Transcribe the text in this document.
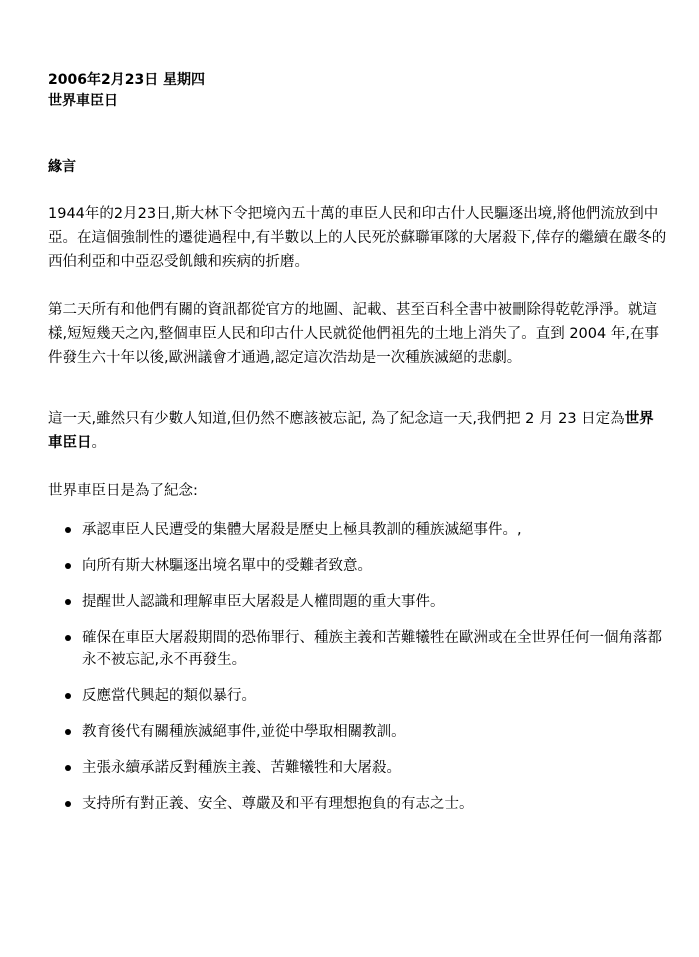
2006年2月23日 星期四
世界車臣日
緣言

1944年的2月23日,斯大林下令把境內五十萬的車臣人民和印古什人民驅逐出境,將他們流放到中亞。在這個強制性的遷徙過程中,有半數以上的人民死於蘇聯軍隊的大屠殺下,倖存的繼續在嚴冬的西伯利亞和中亞忍受飢餓和疾病的折磨。

第二天所有和他們有關的資訊都從官方的地圖、記載、甚至百科全書中被刪除得乾乾淨淨。就這樣,短短幾天之內,整個車臣人民和印古什人民就從他們祖先的土地上消失了。直到 2004 年,在事件發生六十年以後,歐洲議會才通過,認定這次浩劫是一次種族滅絕的悲劇。

這一天,雖然只有少數人知道,但仍然不應該被忘記, 為了紀念這一天,我們把 2 月 23 日定為世界車臣日。

世界車臣日是為了紀念:

承認車臣人民遭受的集體大屠殺是歷史上極具教訓的種族滅絕事件。,
向所有斯大林驅逐出境名單中的受難者致意。
提醒世人認識和理解車臣大屠殺是人權問題的重大事件。
確保在車臣大屠殺期間的恐佈罪行、種族主義和苦難犧牲在歐洲或在全世界任何一個角落都永不被忘記,永不再發生。
反應當代興起的類似暴行。
教育後代有關種族滅絕事件,並從中學取相關教訓。
主張永續承諾反對種族主義、苦難犧牲和大屠殺。
支持所有對正義、安全、尊嚴及和平有理想抱負的有志之士。
